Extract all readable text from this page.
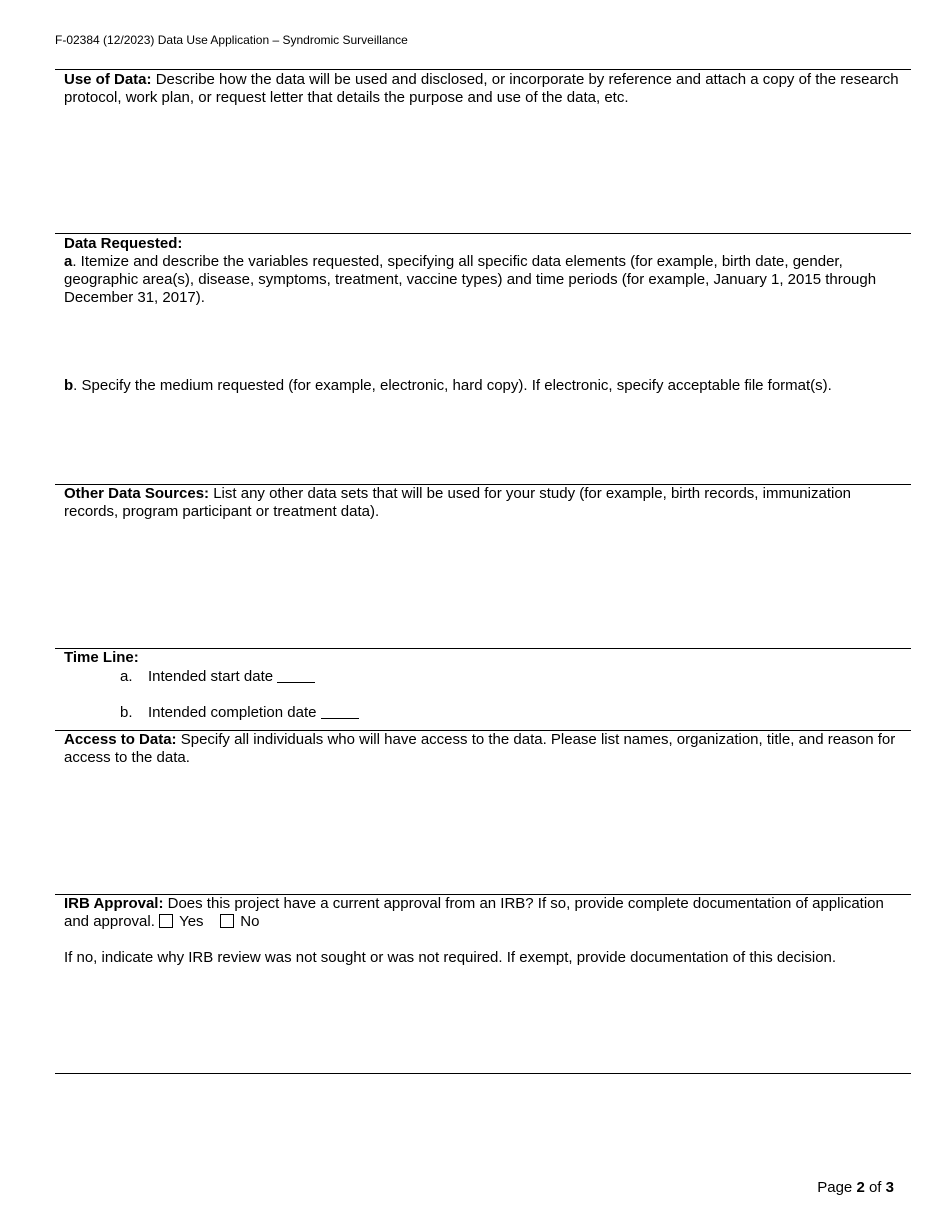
F-02384 (12/2023) Data Use Application – Syndromic Surveillance
Use of Data: Describe how the data will be used and disclosed, or incorporate by reference and attach a copy of the research protocol, work plan, or request letter that details the purpose and use of the data, etc.
Data Requested:
a. Itemize and describe the variables requested, specifying all specific data elements (for example, birth date, gender, geographic area(s), disease, symptoms, treatment, vaccine types) and time periods (for example, January 1, 2015 through December 31, 2017).
b. Specify the medium requested (for example, electronic, hard copy). If electronic, specify acceptable file format(s).
Other Data Sources: List any other data sets that will be used for your study (for example, birth records, immunization records, program participant or treatment data).
Time Line:
a. Intended start date
b. Intended completion date
Access to Data: Specify all individuals who will have access to the data. Please list names, organization, title, and reason for access to the data.
IRB Approval: Does this project have a current approval from an IRB? If so, provide complete documentation of application and approval. Yes No
If no, indicate why IRB review was not sought or was not required. If exempt, provide documentation of this decision.
Page 2 of 3
